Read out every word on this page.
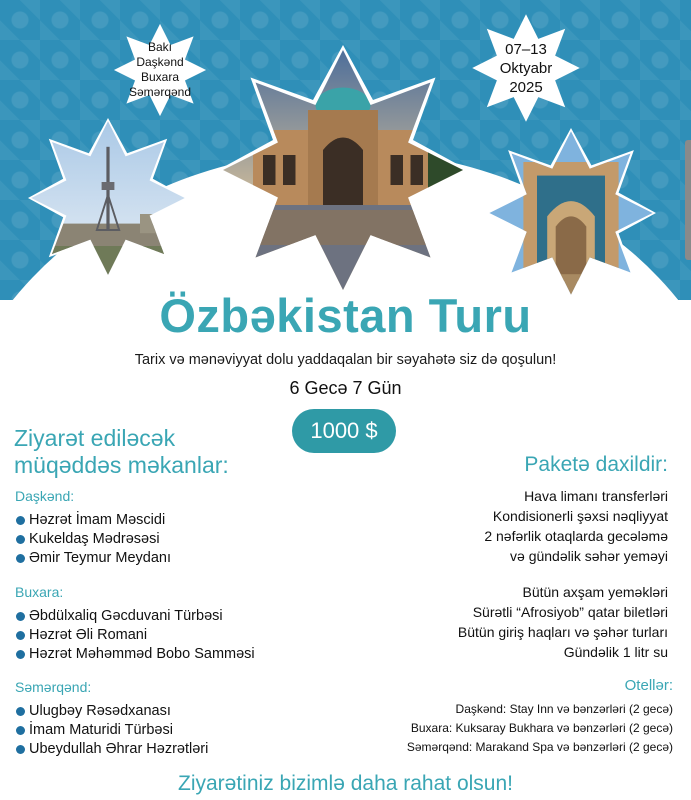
Bakı
Daşkənd
Buxara
Səmərqənd
07–13
Oktyabr
2025
Özbəkistan Turu
Tarix və mənəviyyat dolu yaddaqalan bir səyahətə siz də qoşulun!
6 Gecə 7 Gün
1000 $
Ziyarət ediləcək
müqəddəs məkanlar:
Daşkənd:
Həzrət İmam Məscidi
Kukeldaş Mədrəsəsi
Əmir Teymur Meydanı
Buxara:
Əbdülxaliq Gəcduvani Türbəsi
Həzrət Əli Romani
Həzrət Məhəmməd Bobo Samməsi
Səmərqənd:
Ulugbəy Rəsədxanası
İmam Maturidi Türbəsi
Ubeydullah Əhrar Həzrətləri
Paketə daxildir:
Hava limanı transferləri
Kondisionerli şəxsi nəqliyyat
2 nəfərlik otaqlarda gecələmə
və gündəlik səhər yeməyi
Bütün axşam yeməkləri
Sürətli “Afrosiyob” qatar biletləri
Bütün giriş haqları və şəhər turları
Gündəlik 1 litr su
Otellər:
Daşkənd: Stay Inn və bənzərləri (2 gecə)
Buxara: Kuksaray Bukhara və bənzərləri (2 gecə)
Səmərqənd: Marakand Spa və bənzərləri (2 gecə)
Ziyarətiniz bizimlə daha rahat olsun!
